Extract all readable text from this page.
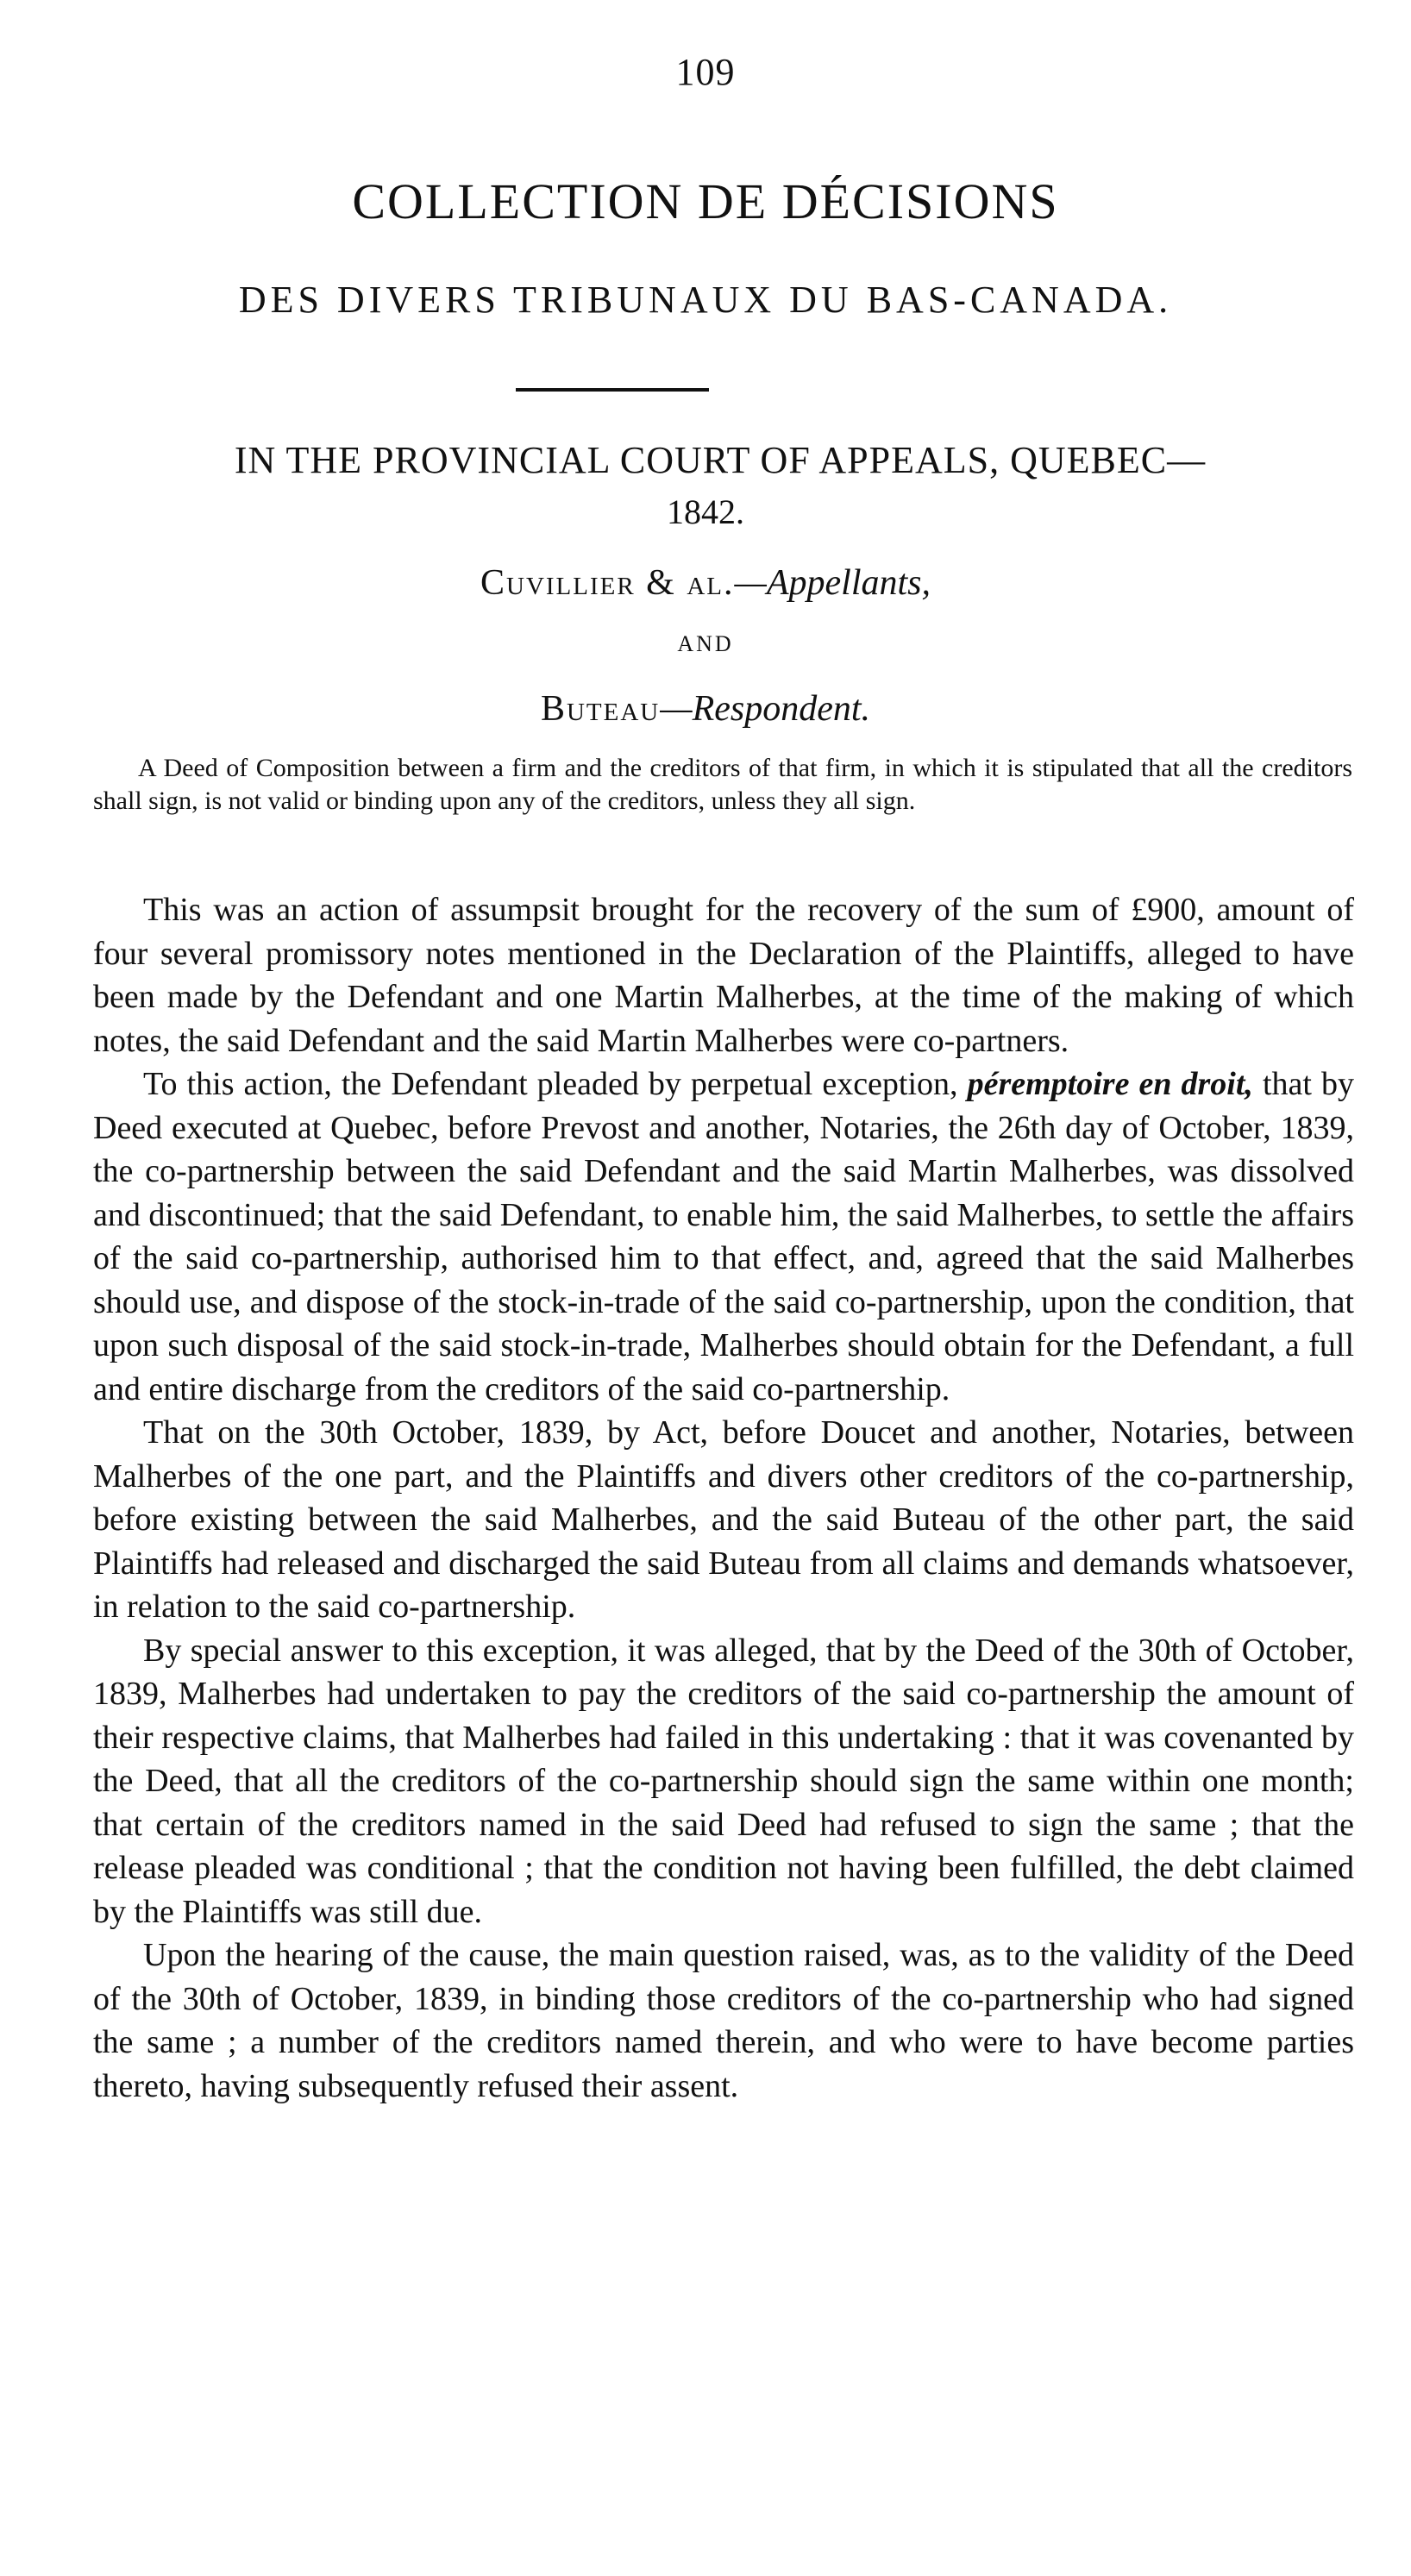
109
COLLECTION DE DÉCISIONS
DES DIVERS TRIBUNAUX DU BAS-CANADA.
IN THE PROVINCIAL COURT OF APPEALS, QUEBEC—
1842.
Cuvillier & al.—Appellants,
AND
Buteau—Respondent.

A Deed of Composition between a firm and the creditors of that firm, in which it is stipulated that all the creditors shall sign, is not valid or binding upon any of the creditors, unless they all sign.

This was an action of assumpsit brought for the recovery of the sum of £900, amount of four several promissory notes mentioned in the Declaration of the Plaintiffs, alleged to have been made by the Defendant and one Martin Malherbes, at the time of the making of which notes, the said Defendant and the said Martin Malherbes were co-partners.

To this action, the Defendant pleaded by perpetual exception, péremptoire en droit, that by Deed executed at Quebec, before Prevost and another, Notaries, the 26th day of October, 1839, the co-partnership between the said Defendant and the said Martin Malherbes, was dissolved and discontinued; that the said Defendant, to enable him, the said Malherbes, to settle the affairs of the said co-partnership, authorised him to that effect, and, agreed that the said Malherbes should use, and dispose of the stock-in-trade of the said co-partnership, upon the condition, that upon such disposal of the said stock-in-trade, Malherbes should obtain for the Defendant, a full and entire discharge from the creditors of the said co-partnership.

That on the 30th October, 1839, by Act, before Doucet and another, Notaries, between Malherbes of the one part, and the Plaintiffs and divers other creditors of the co-partnership, before existing between the said Malherbes, and the said Buteau of the other part, the said Plaintiffs had released and discharged the said Buteau from all claims and demands whatsoever, in relation to the said co-partnership.

By special answer to this exception, it was alleged, that by the Deed of the 30th of October, 1839, Malherbes had undertaken to pay the creditors of the said co-partnership the amount of their respective claims, that Malherbes had failed in this undertaking : that it was covenanted by the Deed, that all the creditors of the co-partnership should sign the same within one month; that certain of the creditors named in the said Deed had refused to sign the same ; that the release pleaded was conditional ; that the condition not having been fulfilled, the debt claimed by the Plaintiffs was still due.

Upon the hearing of the cause, the main question raised, was, as to the validity of the Deed of the 30th of October, 1839, in binding those creditors of the co-partnership who had signed the same ; a number of the creditors named therein, and who were to have become parties thereto, having subsequently refused their assent.
